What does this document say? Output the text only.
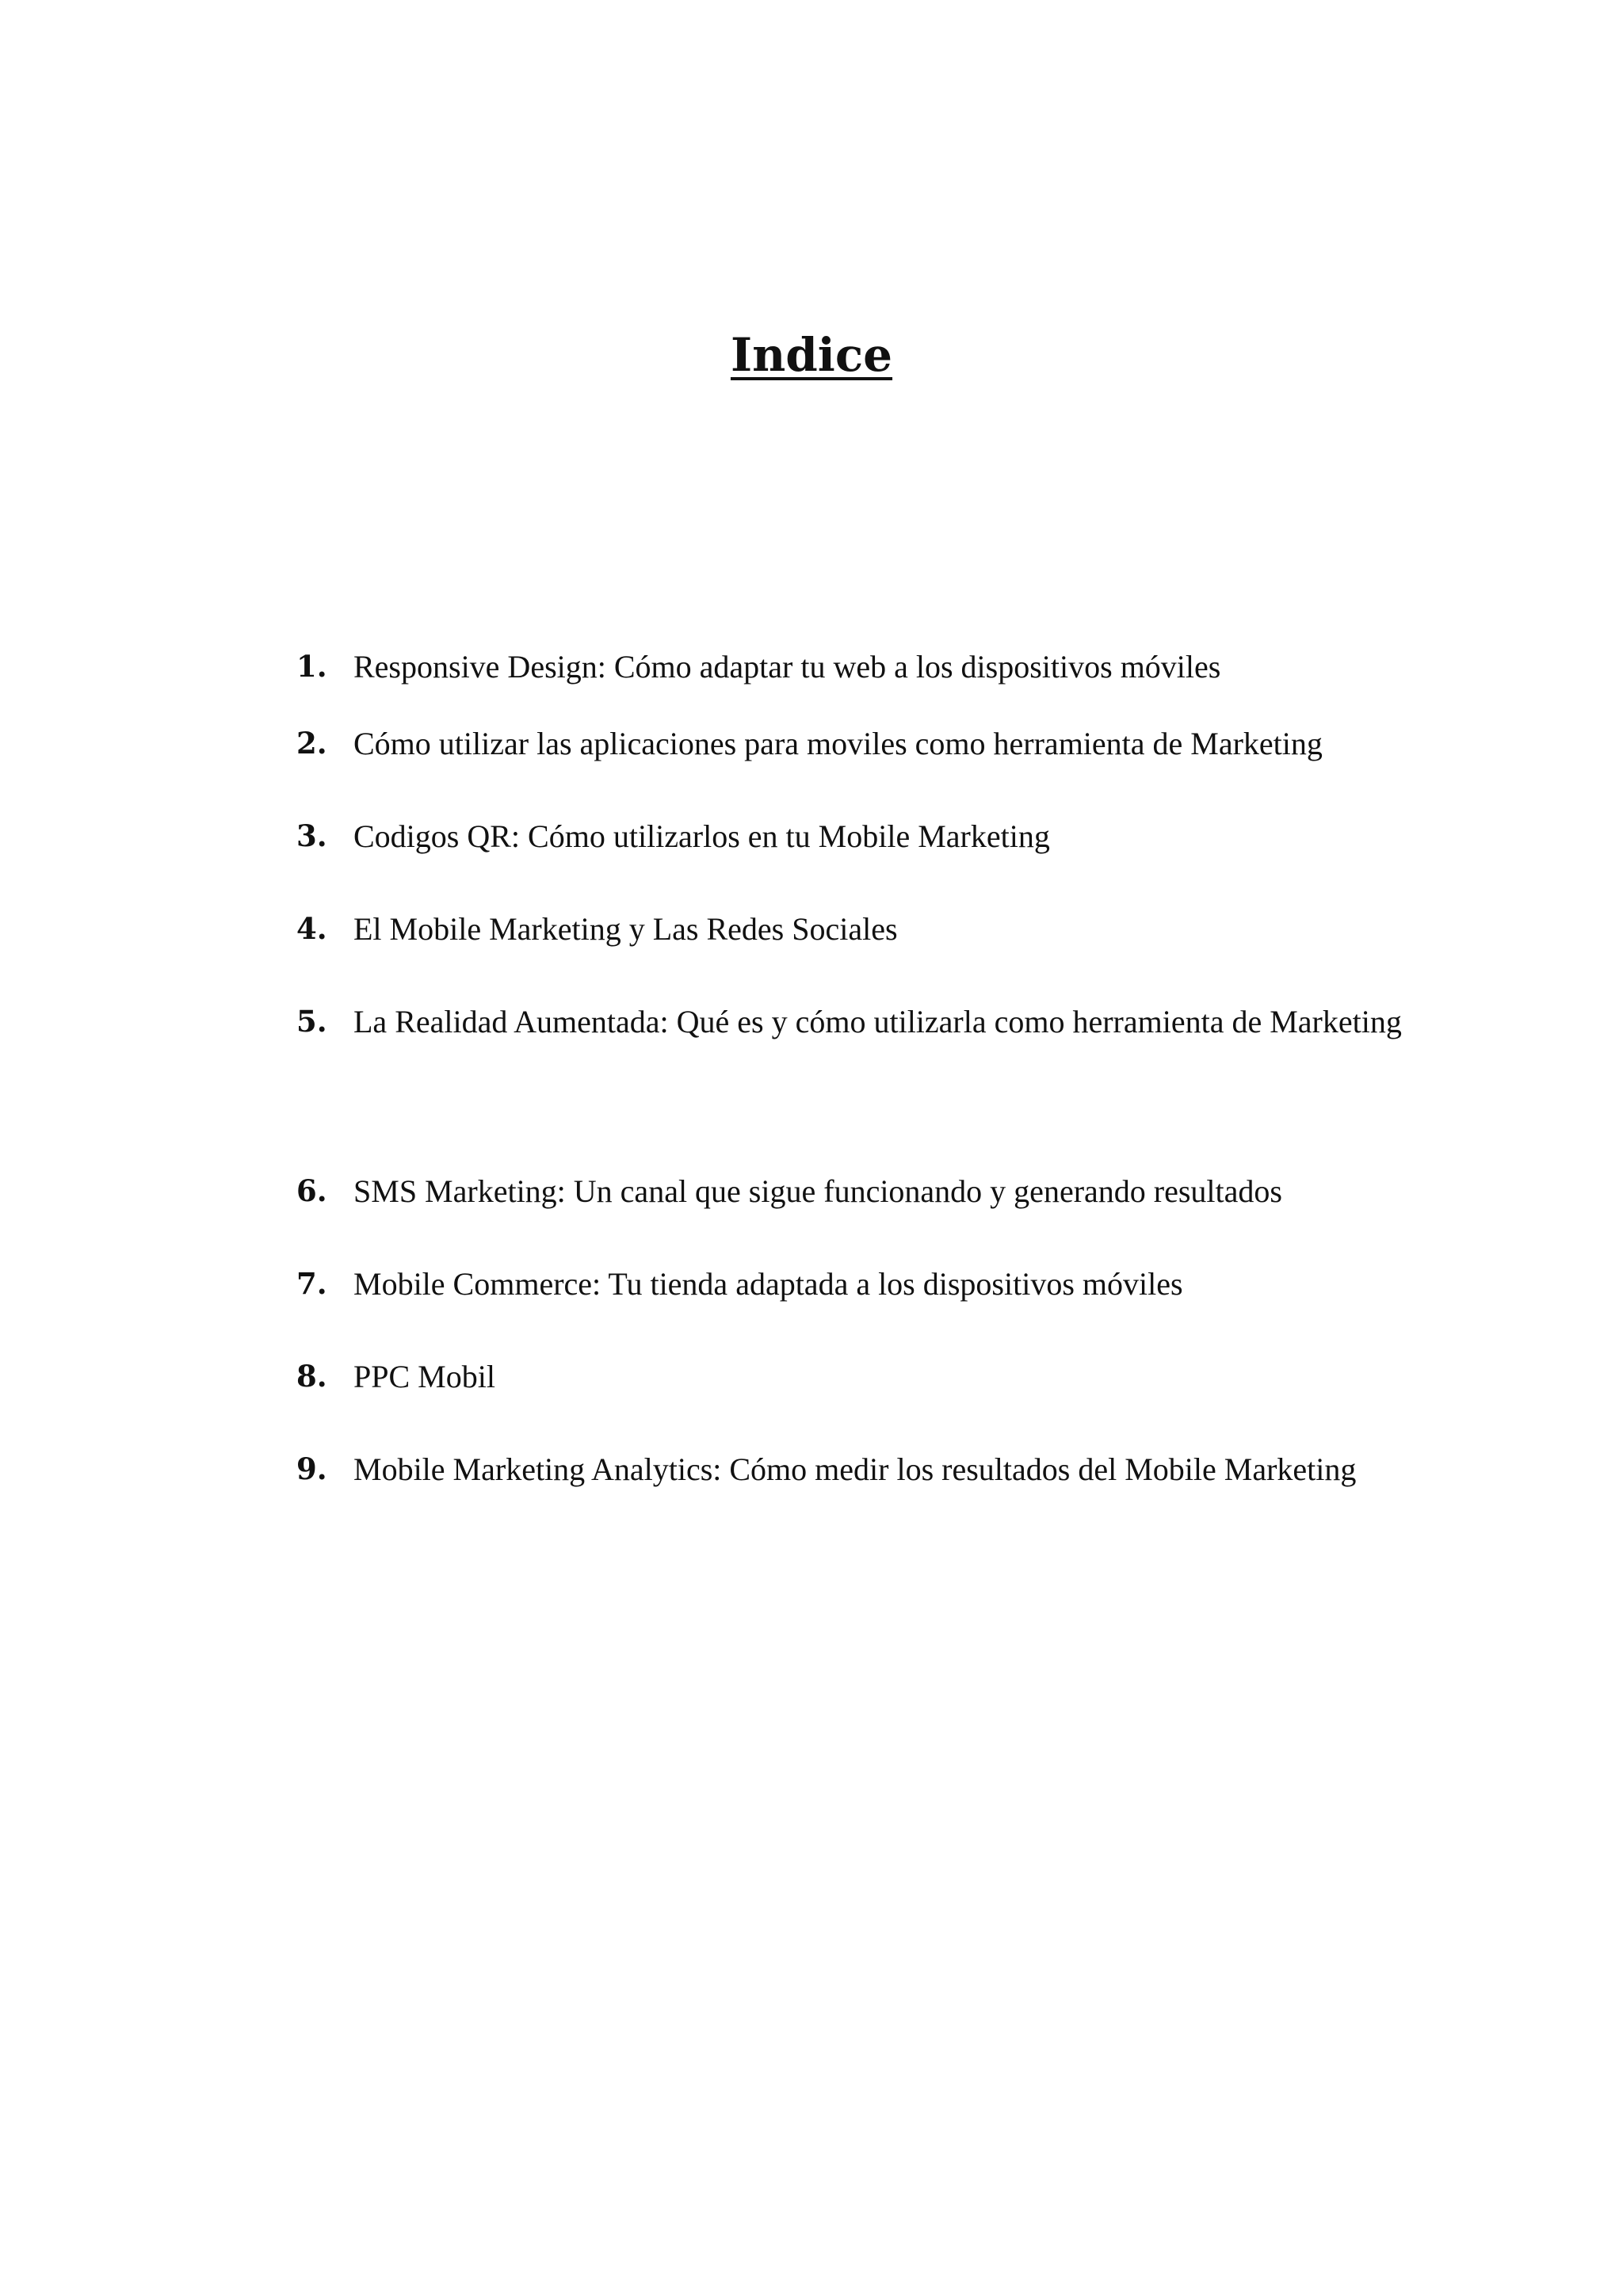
Indice
1. Responsive Design: Cómo adaptar tu web a los dispositivos móviles
2. Cómo utilizar las aplicaciones para moviles como herramienta de Marketing
3. Codigos QR: Cómo utilizarlos en tu Mobile Marketing
4. El Mobile Marketing y Las Redes Sociales
5. La Realidad Aumentada: Qué es y cómo utilizarla como herramienta de Marketing
6. SMS Marketing: Un canal que sigue funcionando y generando resultados
7. Mobile Commerce: Tu tienda adaptada a los dispositivos móviles
8. PPC Mobil
9. Mobile Marketing Analytics: Cómo medir los resultados del Mobile Marketing
